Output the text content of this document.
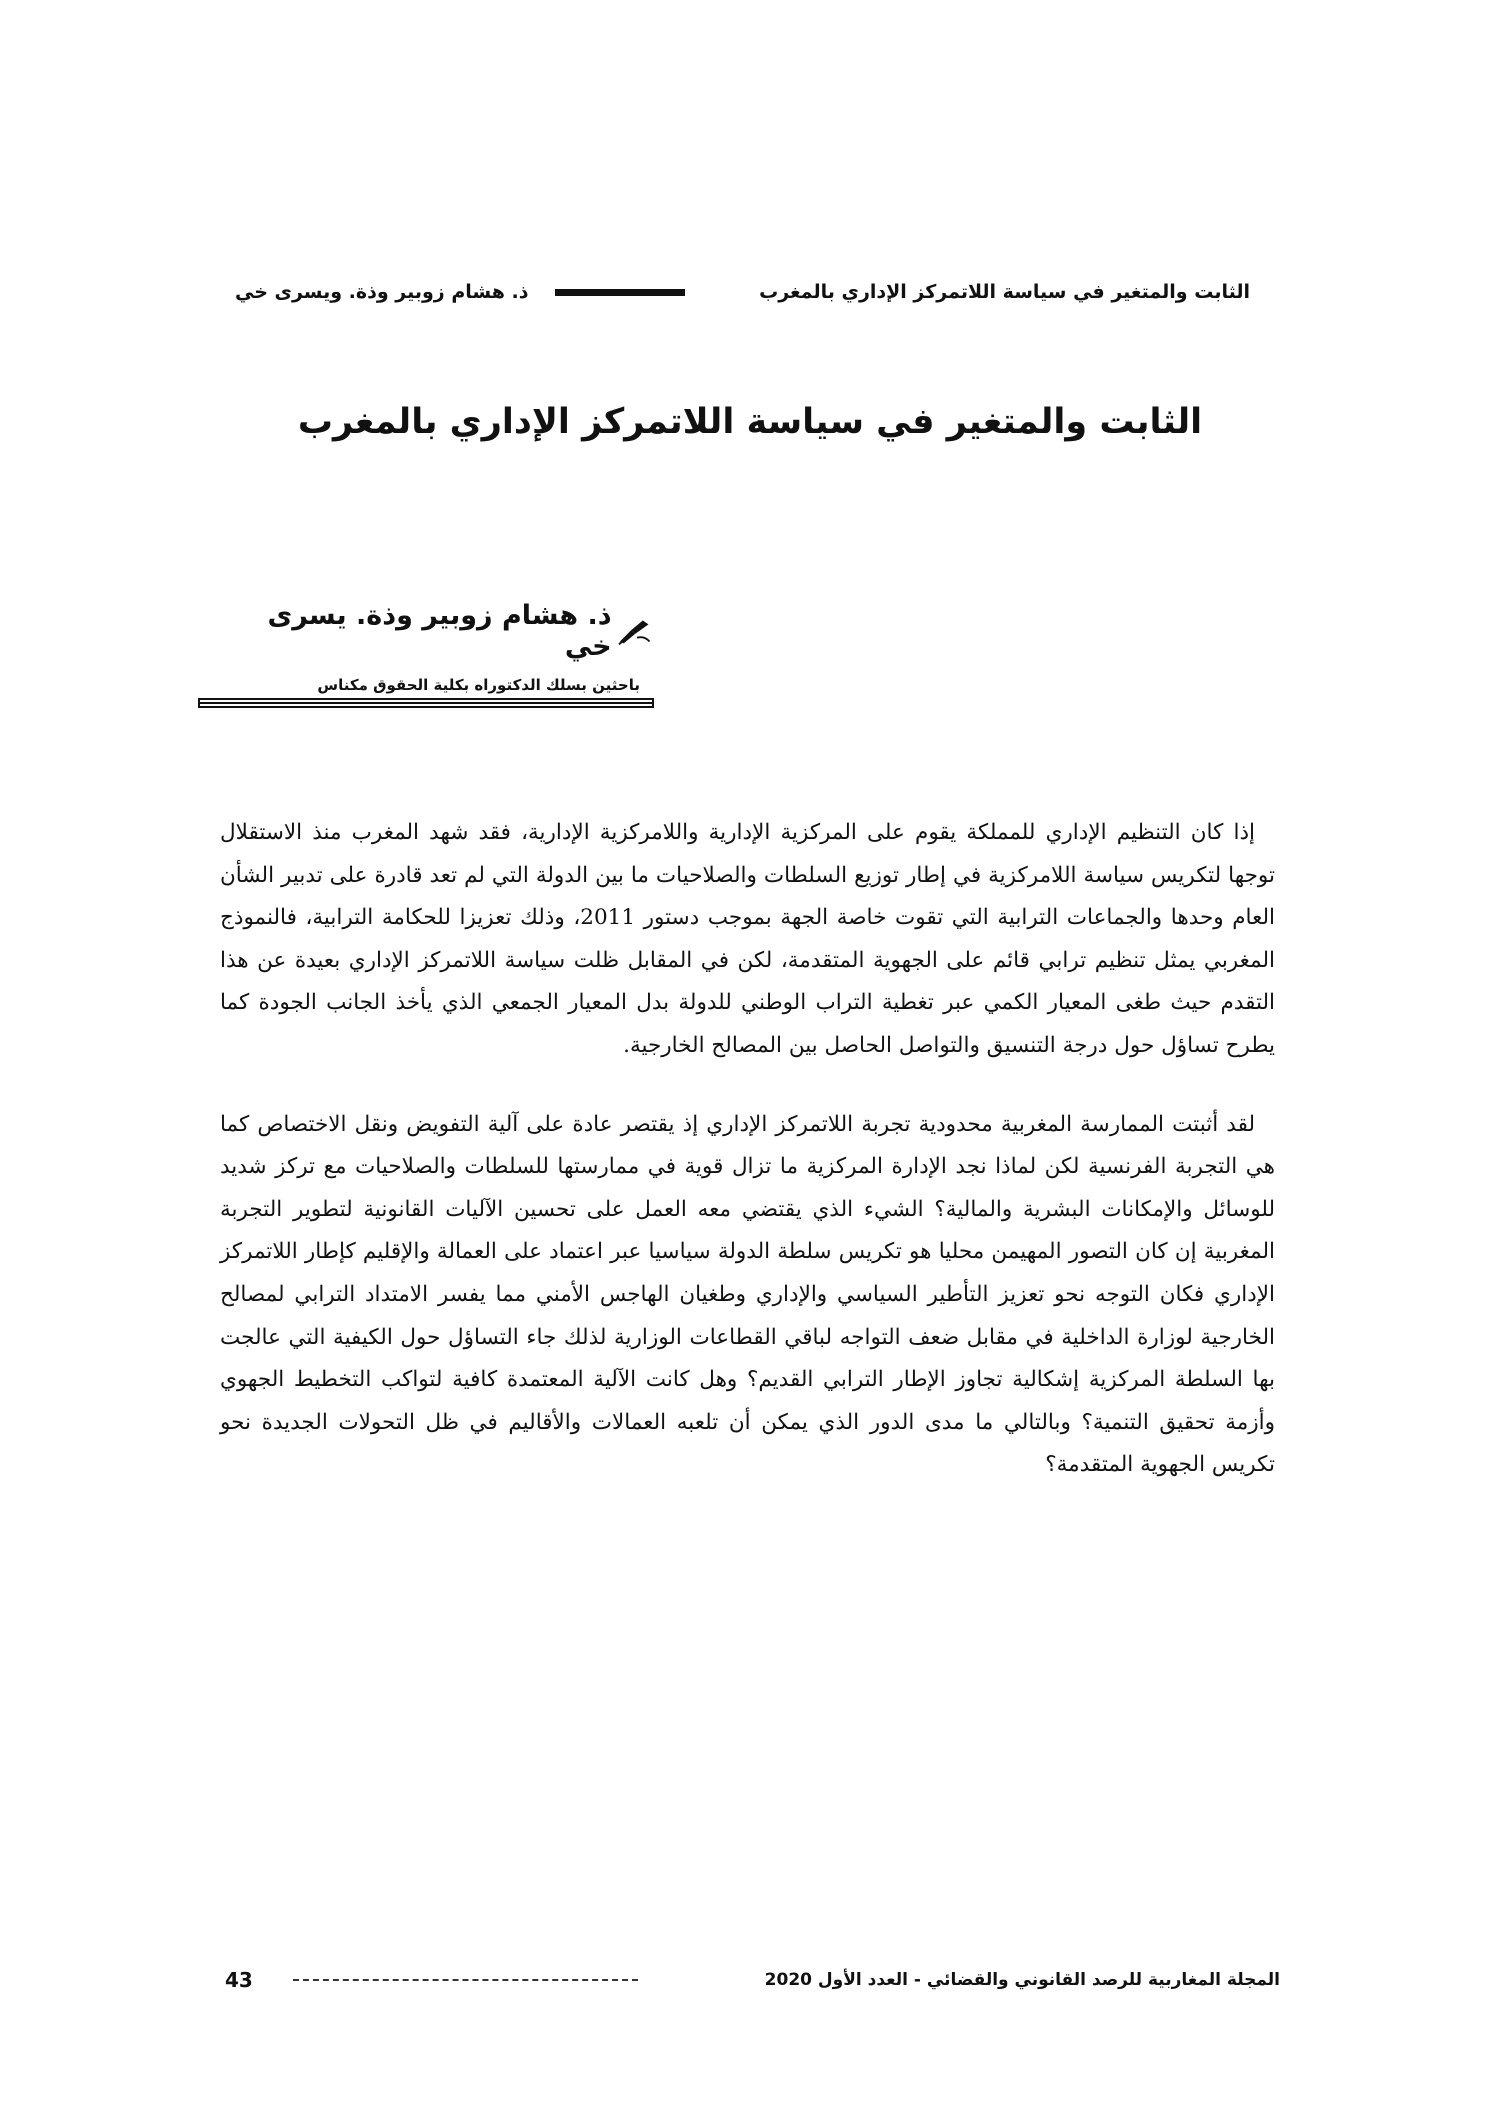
الثابت والمتغير في سياسة اللاتمركز الإداري بالمغرب
ذ. هشام زوبير وذة. ويسرى خي
الثابت والمتغير في سياسة اللاتمركز الإداري بالمغرب
ذ. هشام زوبير وذة. يسرى خي
باحثين بسلك الدكتوراه بكلية الحقوق مكناس

إذا كان التنظيم الإداري للمملكة يقوم على المركزية الإدارية واللامركزية الإدارية، فقد شهد المغرب منذ الاستقلال توجها لتكريس سياسة اللامركزية في إطار توزيع السلطات والصلاحيات ما بين الدولة التي لم تعد قادرة على تدبير الشأن العام وحدها والجماعات الترابية التي تقوت خاصة الجهة بموجب دستور 2011، وذلك تعزيزا للحكامة الترابية، فالنموذج المغربي يمثل تنظيم ترابي قائم على الجهوية المتقدمة، لكن في المقابل ظلت سياسة اللاتمركز الإداري بعيدة عن هذا التقدم حيث طغى المعيار الكمي عبر تغطية التراب الوطني للدولة بدل المعيار الجمعي الذي يأخذ الجانب الجودة كما يطرح تساؤل حول درجة التنسيق والتواصل الحاصل بين المصالح الخارجية.

لقد أثبتت الممارسة المغربية محدودية تجربة اللاتمركز الإداري إذ يقتصر عادة على آلية التفويض ونقل الاختصاص كما هي التجربة الفرنسية لكن لماذا نجد الإدارة المركزية ما تزال قوية في ممارستها للسلطات والصلاحيات مع تركز شديد للوسائل والإمكانات البشرية والمالية؟ الشيء الذي يقتضي معه العمل على تحسين الآليات القانونية لتطوير التجربة المغربية إن كان التصور المهيمن محليا هو تكريس سلطة الدولة سياسيا عبر اعتماد على العمالة والإقليم كإطار اللاتمركز الإداري فكان التوجه نحو تعزيز التأطير السياسي والإداري وطغيان الهاجس الأمني مما يفسر الامتداد الترابي لمصالح الخارجية لوزارة الداخلية في مقابل ضعف التواجه لباقي القطاعات الوزارية لذلك جاء التساؤل حول الكيفية التي عالجت بها السلطة المركزية إشكالية تجاوز الإطار الترابي القديم؟ وهل كانت الآلية المعتمدة كافية لتواكب التخطيط الجهوي وأزمة تحقيق التنمية؟ وبالتالي ما مدى الدور الذي يمكن أن تلعبه العمالات والأقاليم في ظل التحولات الجديدة نحو تكريس الجهوية المتقدمة؟

المجلة المغاربية للرصد القانوني والقضائي - العدد الأول 2020
43
